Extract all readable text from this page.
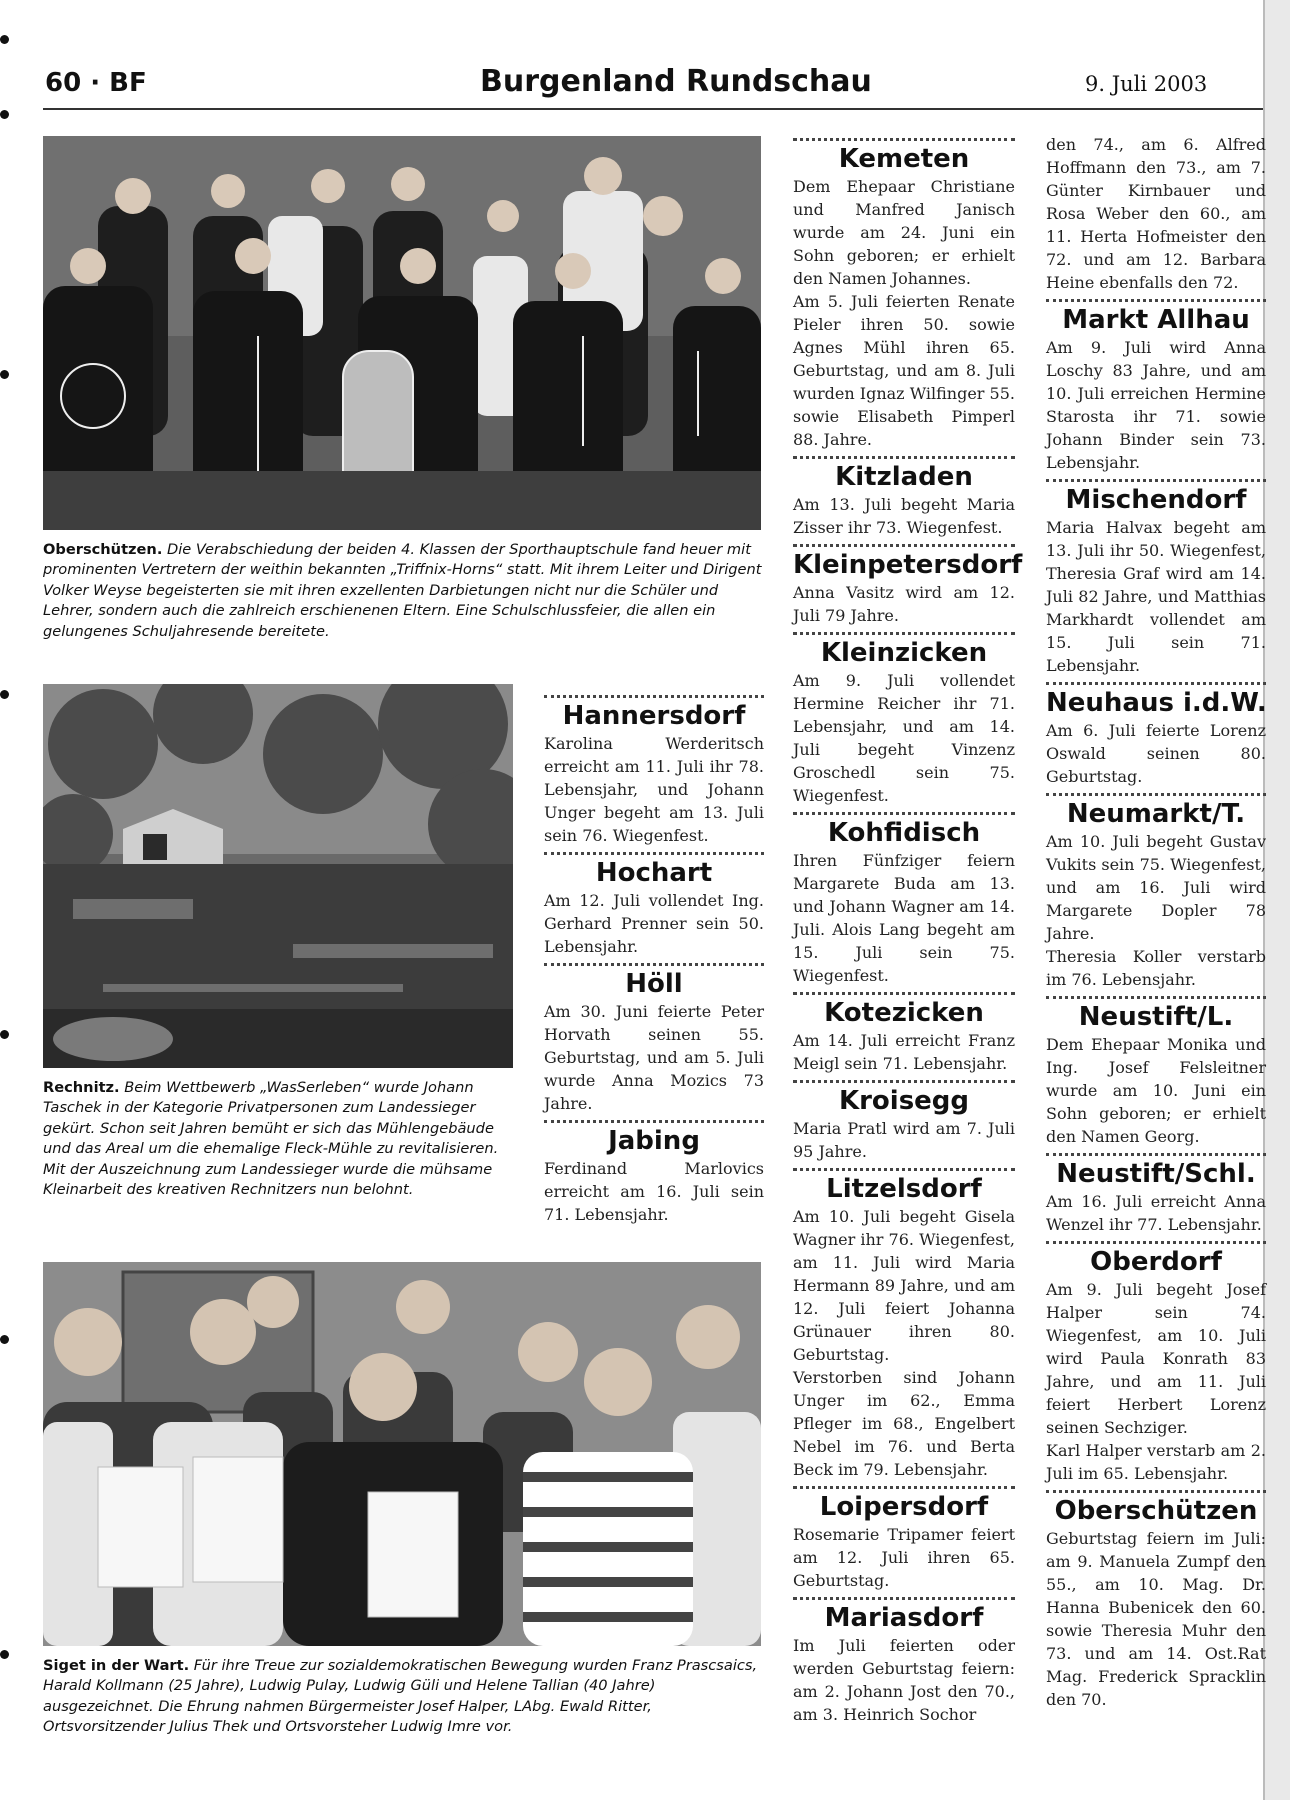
60 · BF	Burgenland Rundschau	9. Juli 2003

Oberschützen. Die Verabschiedung der beiden 4. Klassen der Sporthauptschule fand heuer mit prominenten Vertretern der weithin bekannten „Triffnix-Horns“ statt. Mit ihrem Leiter und Dirigent Volker Weyse begeisterten sie mit ihren exzellenten Darbietungen nicht nur die Schüler und Lehrer, sondern auch die zahlreich erschienenen Eltern. Eine Schulschlussfeier, die allen ein gelungenes Schuljahresende bereitete.

Rechnitz. Beim Wettbewerb „WasSerleben“ wurde Johann Taschek in der Kategorie Privatpersonen zum Landessieger gekürt. Schon seit Jahren bemüht er sich das Mühlengebäude und das Areal um die ehemalige Fleck-Mühle zu revitalisieren. Mit der Auszeichnung zum Landessieger wurde die mühsame Kleinarbeit des kreativen Rechnitzers nun belohnt.

Siget in der Wart. Für ihre Treue zur sozialdemokratischen Bewegung wurden Franz Prascsaics, Harald Kollmann (25 Jahre), Ludwig Pulay, Ludwig Güli und Helene Tallian (40 Jahre) ausgezeichnet. Die Ehrung nahmen Bürgermeister Josef Halper, LAbg. Ewald Ritter, Ortsvorsitzender Julius Thek und Ortsvorsteher Ludwig Imre vor.

Hannersdorf

Karolina Werderitsch erreicht am 11. Juli ihr 78. Lebensjahr, und Johann Unger begeht am 13. Juli sein 76. Wiegenfest.

Hochart

Am 12. Juli vollendet Ing. Gerhard Prenner sein 50. Lebensjahr.

Höll

Am 30. Juni feierte Peter Horvath seinen 55. Geburtstag, und am 5. Juli wurde Anna Mozics 73 Jahre.

Jabing

Ferdinand Marlovics erreicht am 16. Juli sein 71. Lebensjahr.

Kemeten

Dem Ehepaar Christiane und Manfred Janisch wurde am 24. Juni ein Sohn geboren; er erhielt den Namen Johannes.

Am 5. Juli feierten Renate Pieler ihren 50. sowie Agnes Mühl ihren 65. Geburtstag, und am 8. Juli wurden Ignaz Wilfinger 55. sowie Elisabeth Pimperl 88. Jahre.

Kitzladen

Am 13. Juli begeht Maria Zisser ihr 73. Wiegenfest.

Kleinpetersdorf

Anna Vasitz wird am 12. Juli 79 Jahre.

Kleinzicken

Am 9. Juli vollendet Hermine Reicher ihr 71. Lebensjahr, und am 14. Juli begeht Vinzenz Groschedl sein 75. Wiegenfest.

Kohfidisch

Ihren Fünfziger feiern Margarete Buda am 13. und Johann Wagner am 14. Juli. Alois Lang begeht am 15. Juli sein 75. Wiegenfest.

Kotezicken

Am 14. Juli erreicht Franz Meigl sein 71. Lebensjahr.

Kroisegg

Maria Pratl wird am 7. Juli 95 Jahre.

Litzelsdorf

Am 10. Juli begeht Gisela Wagner ihr 76. Wiegenfest, am 11. Juli wird Maria Hermann 89 Jahre, und am 12. Juli feiert Johanna Grünauer ihren 80. Geburtstag.

Verstorben sind Johann Unger im 62., Emma Pfleger im 68., Engelbert Nebel im 76. und Berta Beck im 79. Lebensjahr.

Loipersdorf

Rosemarie Tripamer feiert am 12. Juli ihren 65. Geburtstag.

Mariasdorf

Im Juli feierten oder werden Geburtstag feiern: am 2. Johann Jost den 70., am 3. Heinrich Sochor

den 74., am 6. Alfred Hoffmann den 73., am 7. Günter Kirnbauer und Rosa Weber den 60., am 11. Herta Hofmeister den 72. und am 12. Barbara Heine ebenfalls den 72.

Markt Allhau

Am 9. Juli wird Anna Loschy 83 Jahre, und am 10. Juli erreichen Hermine Starosta ihr 71. sowie Johann Binder sein 73. Lebensjahr.

Mischendorf

Maria Halvax begeht am 13. Juli ihr 50. Wiegenfest, Theresia Graf wird am 14. Juli 82 Jahre, und Matthias Markhardt vollendet am 15. Juli sein 71. Lebensjahr.

Neuhaus i.d.W.

Am 6. Juli feierte Lorenz Oswald seinen 80. Geburtstag.

Neumarkt/T.

Am 10. Juli begeht Gustav Vukits sein 75. Wiegenfest, und am 16. Juli wird Margarete Dopler 78 Jahre.

Theresia Koller verstarb im 76. Lebensjahr.

Neustift/L.

Dem Ehepaar Monika und Ing. Josef Felsleitner wurde am 10. Juni ein Sohn geboren; er erhielt den Namen Georg.

Neustift/Schl.

Am 16. Juli erreicht Anna Wenzel ihr 77. Lebensjahr.

Oberdorf

Am 9. Juli begeht Josef Halper sein 74. Wiegenfest, am 10. Juli wird Paula Konrath 83 Jahre, und am 11. Juli feiert Herbert Lorenz seinen Sechziger.

Karl Halper verstarb am 2. Juli im 65. Lebensjahr.

Oberschützen

Geburtstag feiern im Juli: am 9. Manuela Zumpf den 55., am 10. Mag. Dr. Hanna Bubenicek den 60. sowie Theresia Muhr den 73. und am 14. Ost.Rat Mag. Frederick Spracklin den 70.
